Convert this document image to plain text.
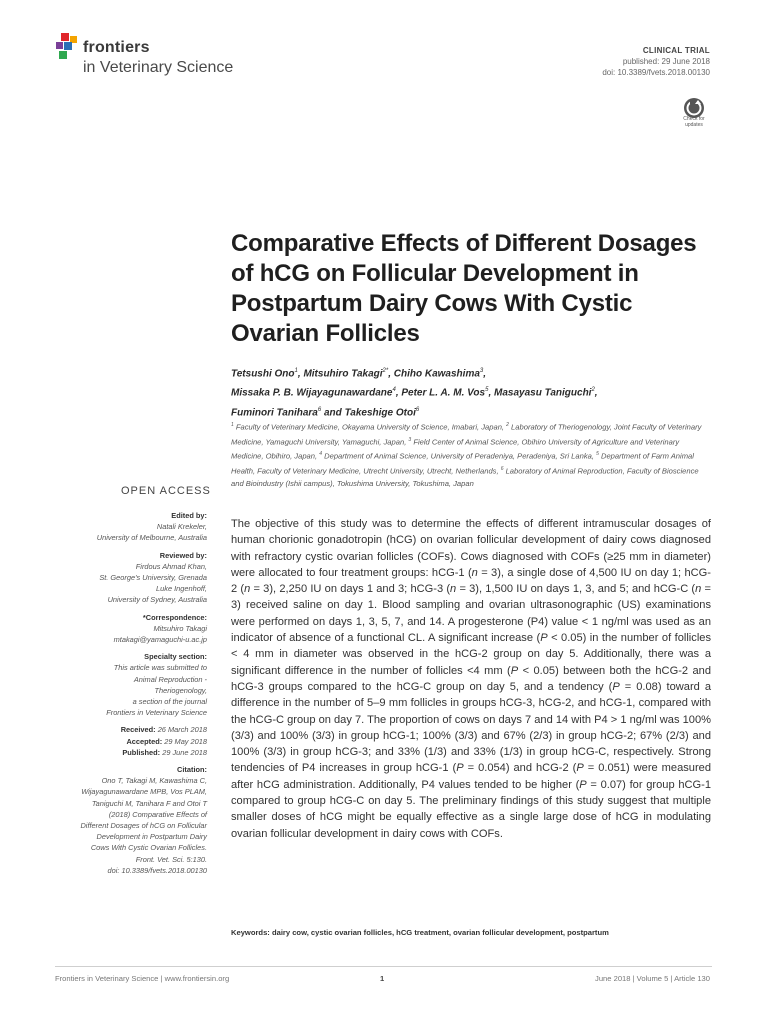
frontiers
in Veterinary Science
CLINICAL TRIAL
published: 29 June 2018
doi: 10.3389/fvets.2018.00130
Check for
updates
Comparative Effects of Different Dosages of hCG on Follicular Development in Postpartum Dairy Cows With Cystic Ovarian Follicles
Tetsushi Ono$^1$, Mitsuhiro Takagi$^{2*}$, Chiho Kawashima$^3$,
Missaka P. B. Wijayagunawardane$^4$, Peter L. A. M. Vos$^5$, Masayasu Taniguchi$^2$,
Fuminori Tanihara$^6$ and Takeshige Otoi$^6$
$^1$ Faculty of Veterinary Medicine, Okayama University of Science, Imabari, Japan, $^2$ Laboratory of Theriogenology, Joint Faculty of Veterinary Medicine, Yamaguchi University, Yamaguchi, Japan, $^3$ Field Center of Animal Science, Obihiro University of Agriculture and Veterinary Medicine, Obihiro, Japan, $^4$ Department of Animal Science, University of Peradeniya, Peradeniya, Sri Lanka, $^5$ Department of Farm Animal Health, Faculty of Veterinary Medicine, Utrecht University, Utrecht, Netherlands, $^6$ Laboratory of Animal Reproduction, Faculty of Bioscience and Bioindustry (Ishii campus), Tokushima University, Tokushima, Japan
OPEN ACCESS
Edited by:
Natali Krekeler,
University of Melbourne, Australia
Reviewed by:
Firdous Ahmad Khan,
St. George's University, Grenada
Luke Ingenhoff,
University of Sydney, Australia
*Correspondence:
Mitsuhiro Takagi
mtakagi@yamaguchi-u.ac.jp
Specialty section:
This article was submitted to
Animal Reproduction -
Theriogenology,
a section of the journal
Frontiers in Veterinary Science
Received: 26 March 2018
Accepted: 29 May 2018
Published: 29 June 2018
Citation:
Ono T, Takagi M, Kawashima C,
Wijayagunawardane MPB, Vos PLAM,
Taniguchi M, Tanihara F and Otoi T
(2018) Comparative Effects of
Different Dosages of hCG on Follicular
Development in Postpartum Dairy
Cows With Cystic Ovarian Follicles.
Front. Vet. Sci. 5:130.
doi: 10.3389/fvets.2018.00130

The objective of this study was to determine the effects of different intramuscular dosages of human chorionic gonadotropin (hCG) on ovarian follicular development of dairy cows diagnosed with refractory cystic ovarian follicles (COFs). Cows diagnosed with COFs (≥25 mm in diameter) were allocated to four treatment groups: hCG-1 (n = 3), a single dose of 4,500 IU on day 1; hCG-2 (n = 3), 2,250 IU on days 1 and 3; hCG-3 (n = 3), 1,500 IU on days 1, 3, and 5; and hCG-C (n = 3) received saline on day 1. Blood sampling and ovarian ultrasonographic (US) examinations were performed on days 1, 3, 5, 7, and 14. A progesterone (P4) value < 1 ng/ml was used as an indicator of absence of a functional CL. A significant increase (P < 0.05) in the number of follicles < 4 mm in diameter was observed in the hCG-2 group on day 5. Additionally, there was a significant difference in the number of follicles <4 mm (P < 0.05) between both the hCG-2 and hCG-3 groups compared to the hCG-C group on day 5, and a tendency (P = 0.08) toward a difference in the number of 5–9 mm follicles in groups hCG-3, hCG-2, and hCG-1, compared with the hCG-C group on day 7. The proportion of cows on days 7 and 14 with P4 > 1 ng/ml was 100% (3/3) and 100% (3/3) in group hCG-1; 100% (3/3) and 67% (2/3) in group hCG-2; 67% (2/3) and 100% (3/3) in group hCG-3; and 33% (1/3) and 33% (1/3) in group hCG-C, respectively. Strong tendencies of P4 increases in group hCG-1 (P = 0.054) and hCG-2 (P = 0.051) were measured after hCG administration. Additionally, P4 values tended to be higher (P = 0.07) for group hCG-1 compared to group hCG-C on day 5. The preliminary findings of this study suggest that multiple smaller doses of hCG might be equally effective as a single large dose of hCG in modulating ovarian follicular development in dairy cows with COFs.

Keywords: dairy cow, cystic ovarian follicles, hCG treatment, ovarian follicular development, postpartum
Frontiers in Veterinary Science | www.frontiersin.org	1	June 2018 | Volume 5 | Article 130
